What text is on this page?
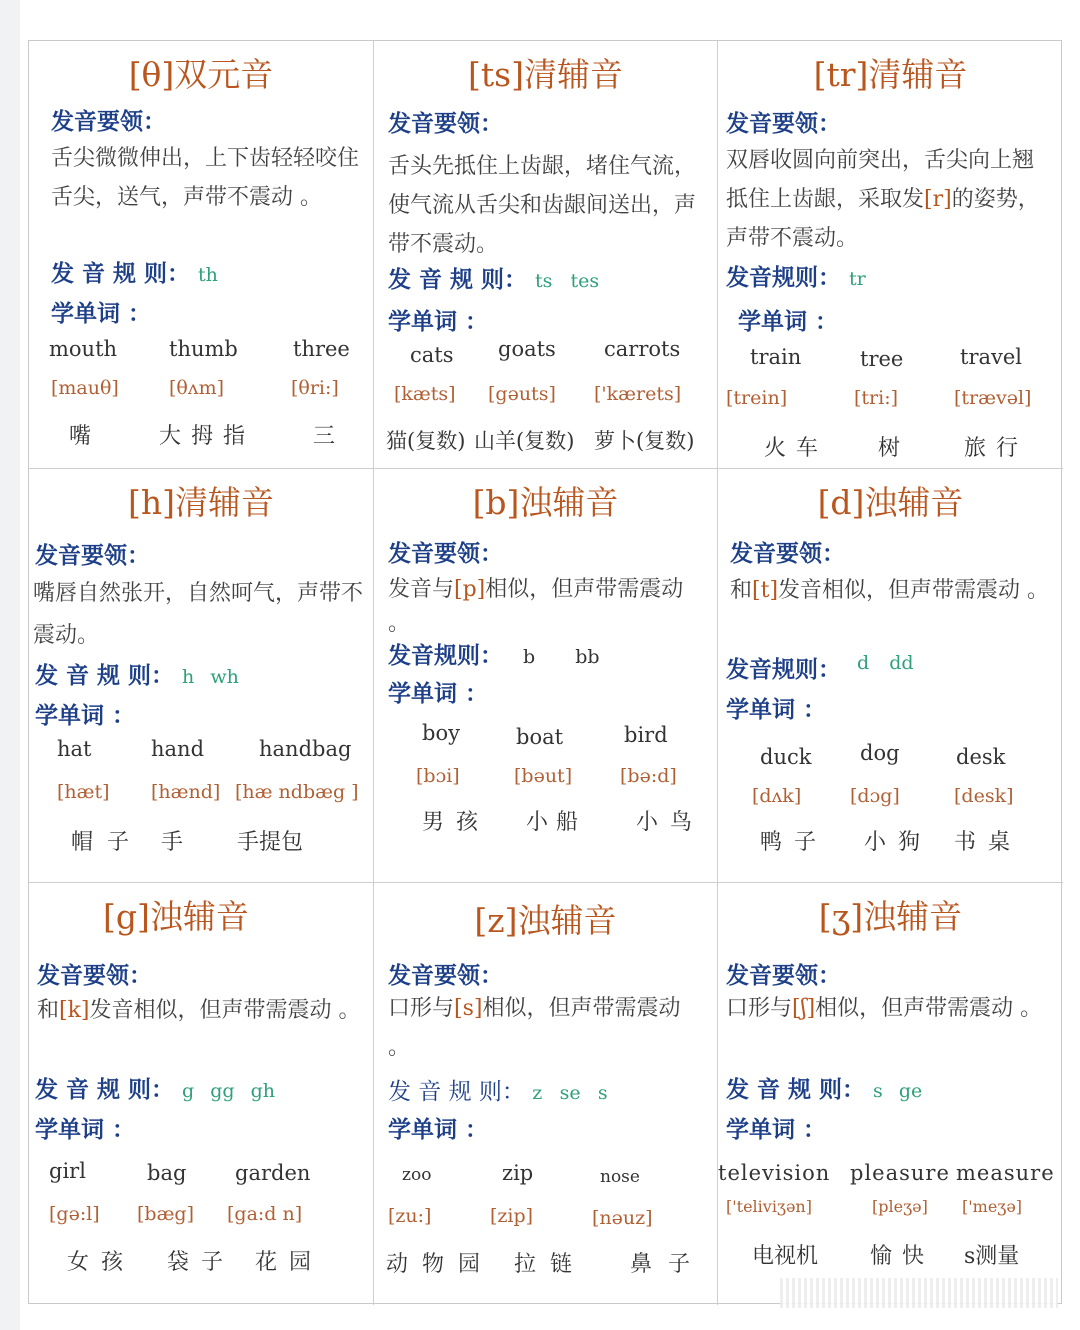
[θ]双元音
发音要领：
舌尖微微伸出，上下齿轻轻咬住舌尖，送气，声带不震动 。
发 音 规 则： th
学单词 ：
mouth thumb	three
[mauθ]	[θʌm]	[θri:]
嘴	大拇指	三
[ts]清辅音
发音要领：
舌头先抵住上齿龈，堵住气流，使气流从舌尖和齿龈间送出，声带不震动。
发 音 规 则： ts tes
学单词 ：
cats goats carrots
[kæts] [gəuts] ['kærets]
猫(复数) 山羊(复数) 萝卜(复数)
[tr]清辅音
发音要领：
双唇收圆向前突出，舌尖向上翘抵住上齿龈，采取发[r]的姿势，声带不震动。
发音规则： tr
学单词 ：
train	tree	travel
[trein]	[tri:]	[trævəl]
火车 树	旅行
[h]清辅音
发音要领：
嘴唇自然张开，自然呵气，声带不震动。
发 音 规 则： h wh
学单词 ：
hat	hand	handbag
[hæt] [hænd] [hæ ndbæg ]
帽子 手 手提包
[b]浊辅音
发音要领：
发音与[p]相似，但声带需震动 。
发音规则： b bb
学单词 ：
boy	boat	bird
[bɔi]	[bəut]	[bə:d]
男孩 小船 小鸟
[d]浊辅音
发音要领：
和[t]发音相似，但声带需震动 。
发音规则： $^d$ $^{dd}$
学单词 ：
duck dog	desk
[dʌk]	[dɔg]	[desk]
鸭子 小狗 书桌
[g]浊辅音
发音要领：
和[k]发音相似，但声带需震动 。
发 音 规 则： g gg gh
学单词 ：
girl	bag garden
[gə:l] [bæg] [ga:d n]
女孩 袋子 花园
[z]浊辅音
发音要领：
口形与[s]相似，但声带需震动 。
发 音 规 则： z se s
学单词 ：
zoo	zip	nose
[zu:]	[zip]	[nəuz]
动物园 拉链 鼻子
[ʒ]浊辅音
发音要领：
口形与[ʃ]相似，但声带需震动 。
发 音 规 则： s ge
学单词 ：
television pleasure measure
['teliviʒən]	[pleʒə] ['meʒə]
电视机 愉快 s测量
